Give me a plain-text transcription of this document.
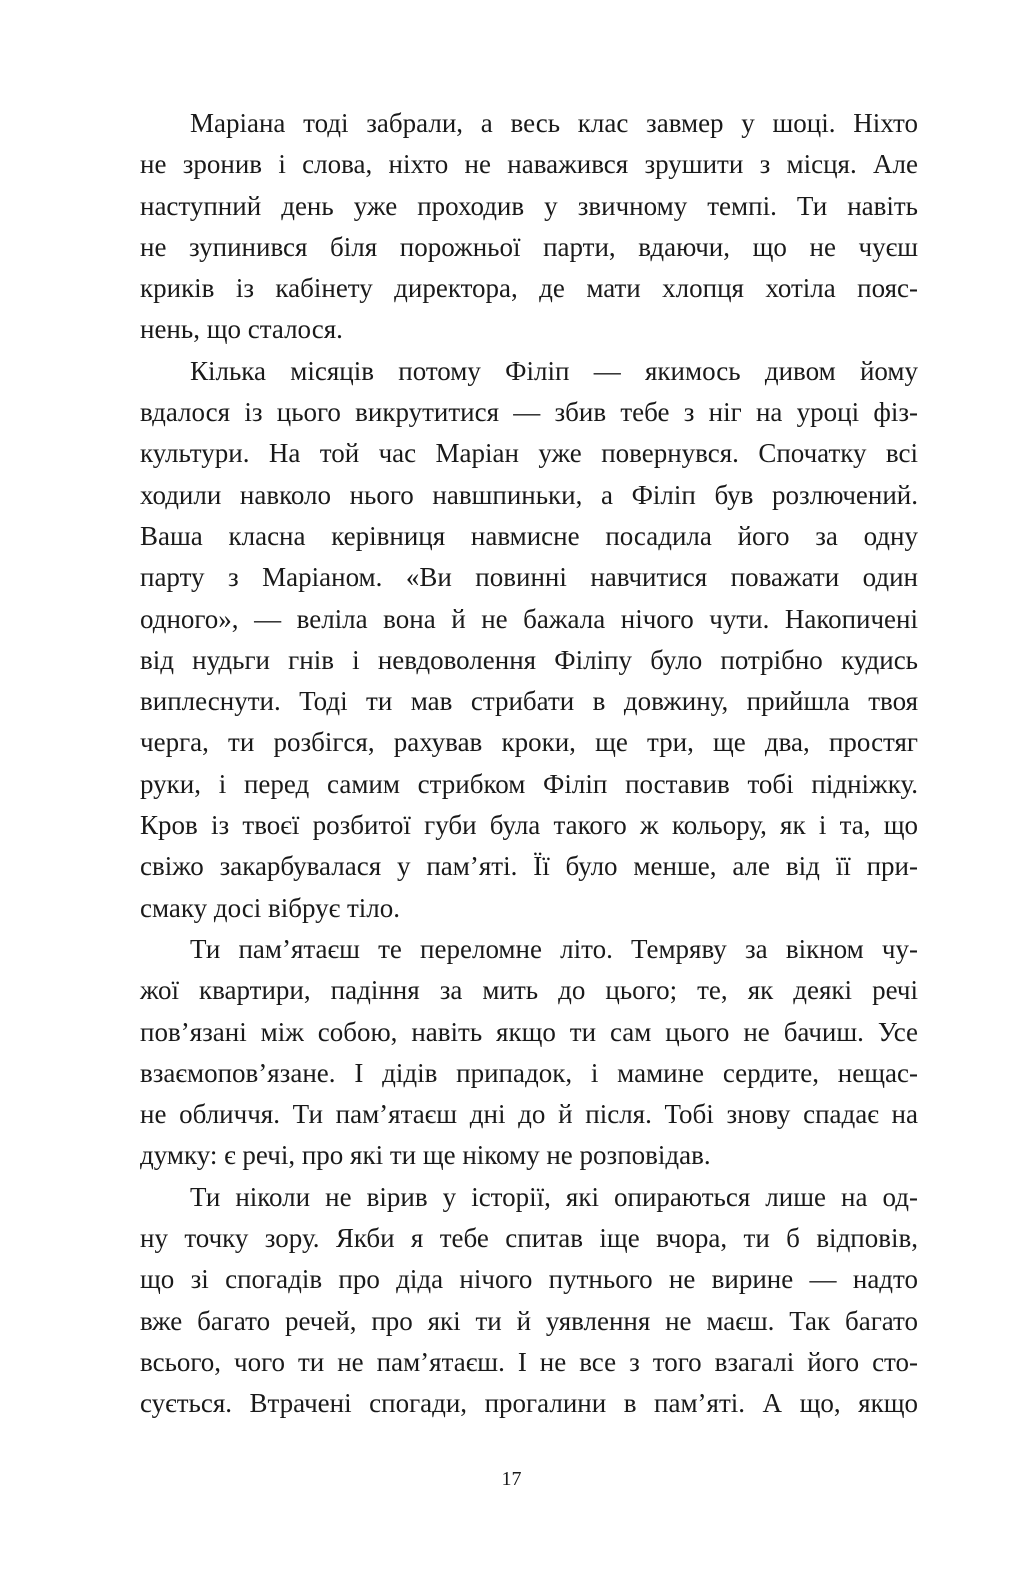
Маріана тоді забрали, а весь клас завмер у шоці. Ніхто
не зронив і слова, ніхто не наважився зрушити з місця. Але
наступний день уже проходив у звичному темпі. Ти навіть
не зупинився біля порожньої парти, вдаючи, що не чуєш
криків із кабінету директора, де мати хлопця хотіла пояс-
нень, що сталося.
Кілька місяців потому Філіп — якимось дивом йому
вдалося із цього викрутитися — збив тебе з ніг на уроці фіз-
культури. На той час Маріан уже повернувся. Спочатку всі
ходили навколо нього навшпиньки, а Філіп був розлючений.
Ваша класна керівниця навмисне посадила його за одну
парту з Маріаном. «Ви повинні навчитися поважати один
одного», — веліла вона й не бажала нічого чути. Накопичені
від нудьги гнів і невдоволення Філіпу було потрібно кудись
виплеснути. Тоді ти мав стрибати в довжину, прийшла твоя
черга, ти розбігся, рахував кроки, ще три, ще два, простяг
руки, і перед самим стрибком Філіп поставив тобі підніжку.
Кров із твоєї розбитої губи була такого ж кольору, як і та, що
свіжо закарбувалася у пам’яті. Її було менше, але від її при-
смаку досі вібрує тіло.
Ти пам’ятаєш те переломне літо. Темряву за вікном чу-
жої квартири, падіння за мить до цього; те, як деякі речі
пов’язані між собою, навіть якщо ти сам цього не бачиш. Усе
взаємопов’язане. І дідів припадок, і мамине сердите, нещас-
не обличчя. Ти пам’ятаєш дні до й після. Тобі знову спадає на
думку: є речі, про які ти ще нікому не розповідав.
Ти ніколи не вірив у історії, які опираються лише на од-
ну точку зору. Якби я тебе спитав іще вчора, ти б відповів,
що зі спогадів про діда нічого путнього не вирине — надто
вже багато речей, про які ти й уявлення не маєш. Так багато
всього, чого ти не пам’ятаєш. І не все з того взагалі його сто-
сується. Втрачені спогади, прогалини в пам’яті. А що, якщо
17
